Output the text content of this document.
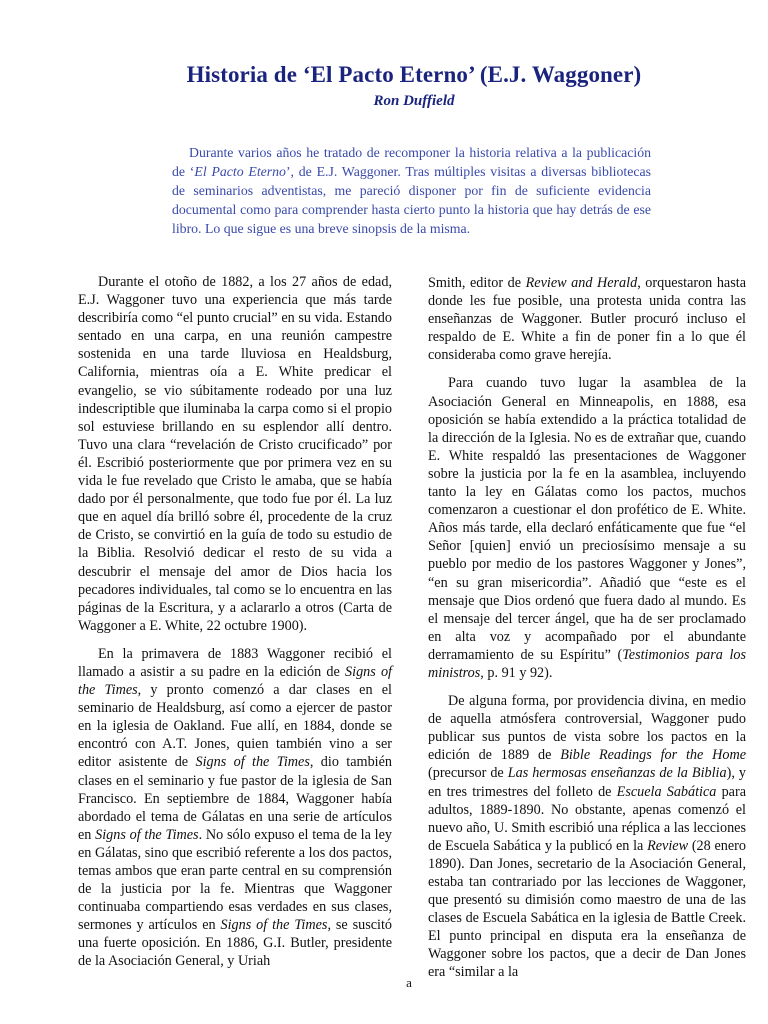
Historia de ‘El Pacto Eterno’ (E.J. Waggoner)
Ron Duffield

Durante varios años he tratado de recomponer la historia relativa a la publicación de ‘El Pacto Eterno’, de E.J. Waggoner. Tras múltiples visitas a diversas bibliotecas de seminarios adventistas, me pareció disponer por fin de suficiente evidencia documental como para comprender hasta cierto punto la historia que hay detrás de ese libro. Lo que sigue es una breve sinopsis de la misma.

Durante el otoño de 1882, a los 27 años de edad, E.J. Waggoner tuvo una experiencia que más tarde describiría como “el punto crucial” en su vida. Estando sentado en una carpa, en una reunión campestre sostenida en una tarde lluviosa en Healdsburg, California, mientras oía a E. White predicar el evangelio, se vio súbitamente rodeado por una luz indescriptible que iluminaba la carpa como si el propio sol estuviese brillando en su esplendor allí dentro. Tuvo una clara “revelación de Cristo crucificado” por él. Escribió posteriormente que por primera vez en su vida le fue revelado que Cristo le amaba, que se había dado por él personalmente, que todo fue por él. La luz que en aquel día brilló sobre él, procedente de la cruz de Cristo, se convirtió en la guía de todo su estudio de la Biblia. Resolvió dedicar el resto de su vida a descubrir el mensaje del amor de Dios hacia los pecadores individuales, tal como se lo encuentra en las páginas de la Escritura, y a aclararlo a otros (Carta de Waggoner a E. White, 22 octubre 1900).

En la primavera de 1883 Waggoner recibió el llamado a asistir a su padre en la edición de Signs of the Times, y pronto comenzó a dar clases en el seminario de Healdsburg, así como a ejercer de pastor en la iglesia de Oakland. Fue allí, en 1884, donde se encontró con A.T. Jones, quien también vino a ser editor asistente de Signs of the Times, dio también clases en el seminario y fue pastor de la iglesia de San Francisco. En septiembre de 1884, Waggoner había abordado el tema de Gálatas en una serie de artículos en Signs of the Times. No sólo expuso el tema de la ley en Gálatas, sino que escribió referente a los dos pactos, temas ambos que eran parte central en su comprensión de la justicia por la fe. Mientras que Waggoner continuaba compartiendo esas verdades en sus clases, sermones y artículos en Signs of the Times, se suscitó una fuerte oposición. En 1886, G.I. Butler, presidente de la Asociación General, y Uriah

Smith, editor de Review and Herald, orquestaron hasta donde les fue posible, una protesta unida contra las enseñanzas de Waggoner. Butler procuró incluso el respaldo de E. White a fin de poner fin a lo que él consideraba como grave herejía.

Para cuando tuvo lugar la asamblea de la Asociación General en Minneapolis, en 1888, esa oposición se había extendido a la práctica totalidad de la dirección de la Iglesia. No es de extrañar que, cuando E. White respaldó las presentaciones de Waggoner sobre la justicia por la fe en la asamblea, incluyendo tanto la ley en Gálatas como los pactos, muchos comenzaron a cuestionar el don profético de E. White. Años más tarde, ella declaró enfáticamente que fue “el Señor [quien] envió un preciosísimo mensaje a su pueblo por medio de los pastores Waggoner y Jones”, “en su gran misericordia”. Añadió que “este es el mensaje que Dios ordenó que fuera dado al mundo. Es el mensaje del tercer ángel, que ha de ser proclamado en alta voz y acompañado por el abundante derramamiento de su Espíritu” (Testimonios para los ministros, p. 91 y 92).

De alguna forma, por providencia divina, en medio de aquella atmósfera controversial, Waggoner pudo publicar sus puntos de vista sobre los pactos en la edición de 1889 de Bible Readings for the Home (precursor de Las hermosas enseñanzas de la Biblia), y en tres trimestres del folleto de Escuela Sabática para adultos, 1889-1890. No obstante, apenas comenzó el nuevo año, U. Smith escribió una réplica a las lecciones de Escuela Sabática y la publicó en la Review (28 enero 1890). Dan Jones, secretario de la Asociación General, estaba tan contrariado por las lecciones de Waggoner, que presentó su dimisión como maestro de una de las clases de Escuela Sabática en la iglesia de Battle Creek. El punto principal en disputa era la enseñanza de Waggoner sobre los pactos, que a decir de Dan Jones era “similar a la

a
